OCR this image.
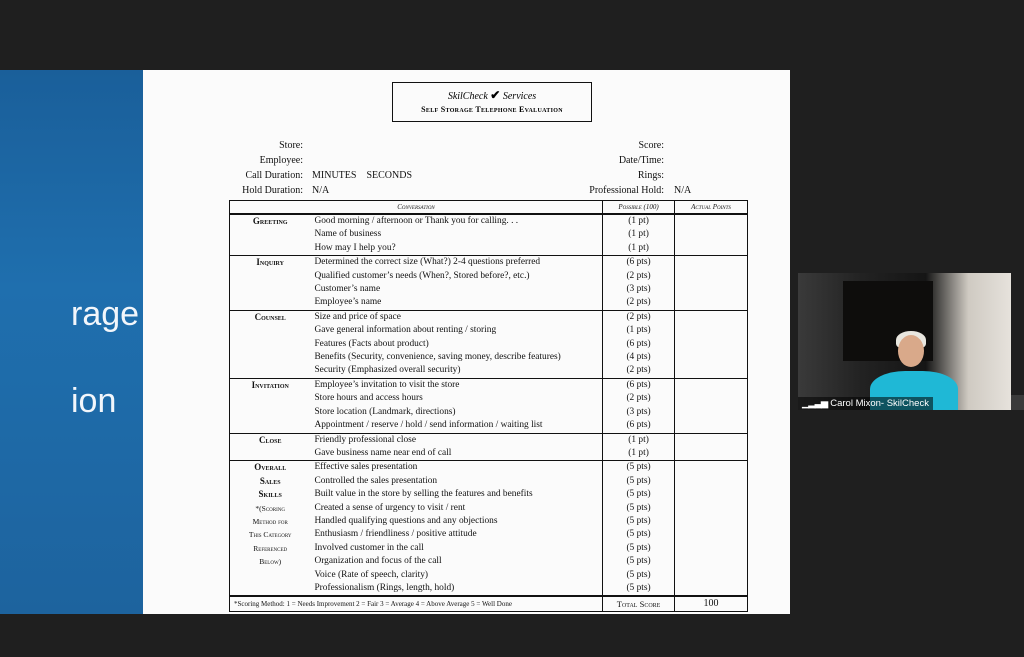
rage
ion
SkilCheck ✔ Services
Self Storage Telephone Evaluation
Store:
Employee:
Call Duration: MINUTES    SECONDS
Hold Duration: N/A
Score:
Date/Time:
Rings:
Professional Hold: N/A
Conversation		Possible (100)	Actual Points
Greeting	Good morning / afternoon or Thank you for calling. . .	(1 pt)	
	Name of business	(1 pt)	
	How may I help you?	(1 pt)	
Inquiry	Determined the correct size (What?) 2-4 questions preferred	(6 pts)	
	Qualified customer’s needs (When?, Stored before?, etc.)	(2 pts)	
	Customer’s name	(3 pts)	
	Employee’s name	(2 pts)	
Counsel	Size and price of space	(2 pts)	
	Gave general information about renting / storing	(1 pts)	
	Features (Facts about product)	(6 pts)	
	Benefits (Security, convenience, saving money, describe features)	(4 pts)	
	Security (Emphasized overall security)	(2 pts)	
Invitation	Employee’s invitation to visit the store	(6 pts)	
	Store hours and access hours	(2 pts)	
	Store location (Landmark, directions)	(3 pts)	
	Appointment / reserve / hold / send information / waiting list	(6 pts)	
Close	Friendly professional close	(1 pt)	
	Gave business name near end of call	(1 pt)	
Overall	Effective sales presentation	(5 pts)	
Sales	Controlled the sales presentation	(5 pts)	
Skills	Built value in the store by selling the features and benefits	(5 pts)	
*(Scoring	Created a sense of urgency to visit / rent	(5 pts)	
Method for	Handled qualifying questions and any objections	(5 pts)	
This Category	Enthusiasm / friendliness / positive attitude	(5 pts)	
Referenced	Involved customer in the call	(5 pts)	
Below)	Organization and focus of the call	(5 pts)	
	Voice (Rate of speech, clarity)	(5 pts)	
	Professionalism (Rings, length, hold)	(5 pts)	
*Scoring Method: 1 = Needs Improvement 2 = Fair 3 = Average 4 = Above Average 5 = Well Done		Total Score	100
▁▂▃▅ Carol Mixon- SkilCheck
